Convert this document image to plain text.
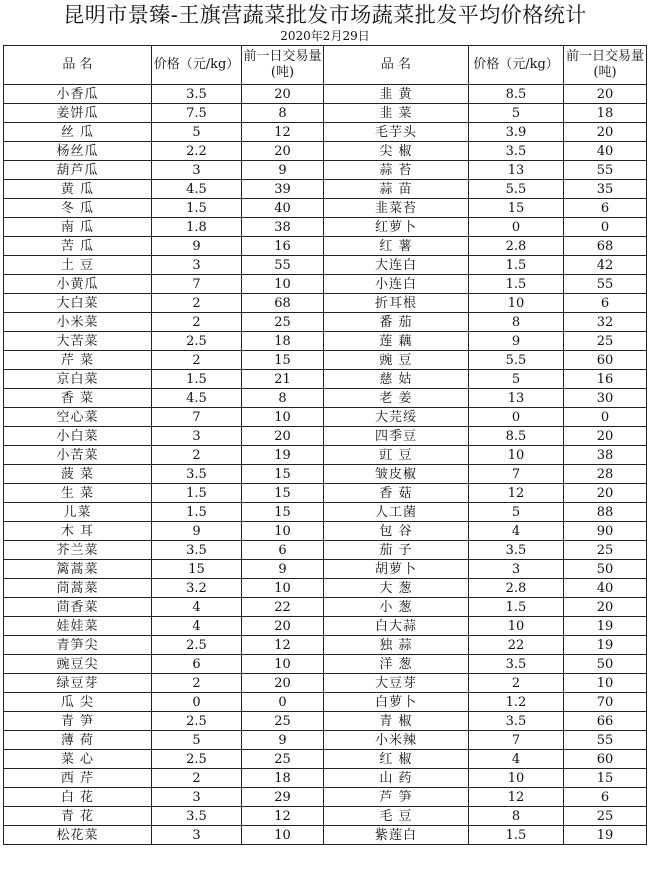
昆明市景臻-王旗营蔬菜批发市场蔬菜批发平均价格统计
2020年2月29日
品 名	价格（元/kg）	前一日交易量(吨)	品 名	价格（元/kg）	前一日交易量(吨)
小香瓜	3.5	20	韭 黄	8.5	20
姜饼瓜	7.5	8	韭 菜	5	18
丝 瓜	5	12	毛芋头	3.9	20
杨丝瓜	2.2	20	尖 椒	3.5	40
葫芦瓜	3	9	蒜 苔	13	55
黄 瓜	4.5	39	蒜 苗	5.5	35
冬 瓜	1.5	40	韭菜苔	15	6
南 瓜	1.8	38	红萝卜	0	0
苦 瓜	9	16	红 薯	2.8	68
土 豆	3	55	大连白	1.5	42
小黄瓜	7	10	小连白	1.5	55
大白菜	2	68	折耳根	10	6
小米菜	2	25	番 茄	8	32
大苦菜	2.5	18	莲 藕	9	25
芹 菜	2	15	豌 豆	5.5	60
京白菜	1.5	21	慈 姑	5	16
香 菜	4.5	8	老 姜	13	30
空心菜	7	10	大芫绥	0	0
小白菜	3	20	四季豆	8.5	20
小苦菜	2	19	豇 豆	10	38
菠 菜	3.5	15	皱皮椒	7	28
生 菜	1.5	15	香 菇	12	20
儿菜	1.5	15	人工菌	5	88
木 耳	9	10	包 谷	4	90
芥兰菜	3.5	6	茄 子	3.5	25
篱蒿菜	15	9	胡萝卜	3	50
茼蒿菜	3.2	10	大 葱	2.8	40
茴香菜	4	22	小 葱	1.5	20
娃娃菜	4	20	白大蒜	10	19
青笋尖	2.5	12	独 蒜	22	19
豌豆尖	6	10	洋 葱	3.5	50
绿豆芽	2	20	大豆芽	2	10
瓜 尖	0	0	白萝卜	1.2	70
青 笋	2.5	25	青 椒	3.5	66
薄 荷	5	9	小米辣	7	55
菜 心	2.5	25	红 椒	4	60
西 芹	2	18	山 药	10	15
白 花	3	29	芦 笋	12	6
青 花	3.5	12	毛 豆	8	25
松花菜	3	10	紫莲白	1.5	19
